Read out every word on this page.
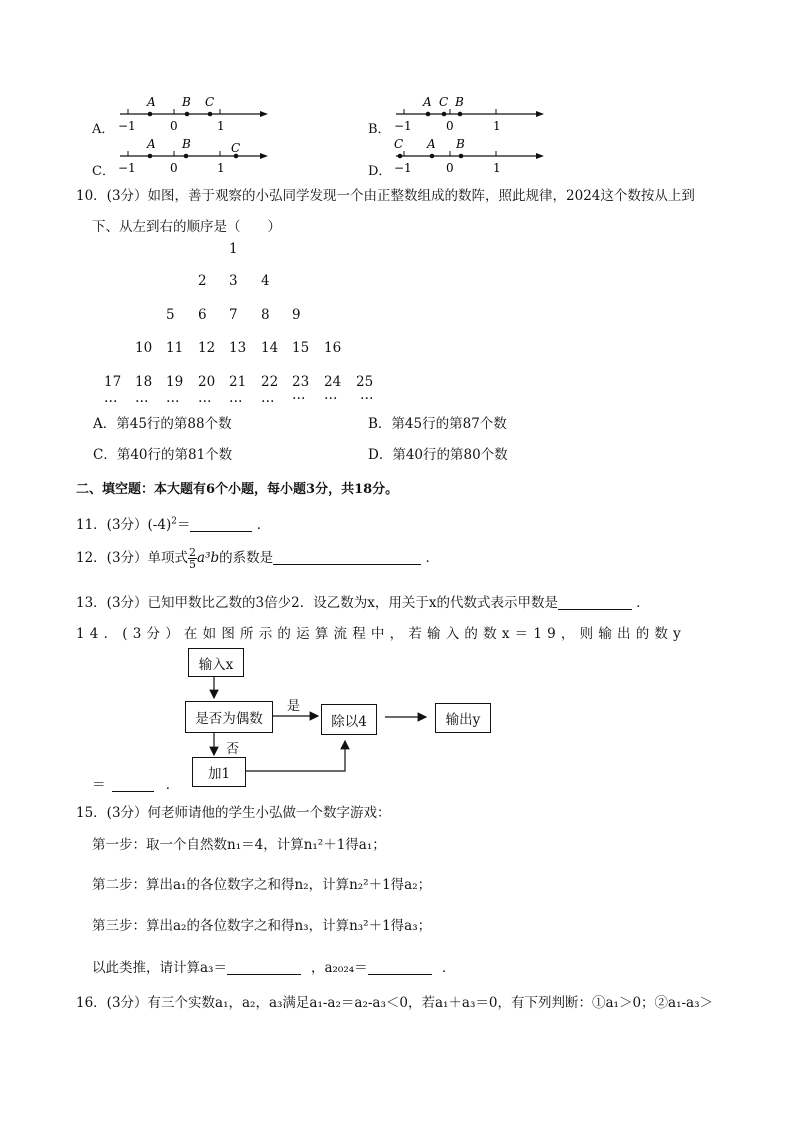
A．
A B C
−1	0	1	B．
A C B
−1	0	1
C．
A B	C
−1	0	1	D．
C A B
−1	0	1
10．(3分）如图，善于观察的小弘同学发现一个由正整数组成的数阵，照此规律，2024这个数按从上到
下、从左到右的顺序是（　　）
1
2 3 4
5 6 7 8 9
10 11 12 13 14 15 16
17 18 19 20 21 22 23 24 25
… … … … … … … … …
A．第45行的第88个数	B．第45行的第87个数
C．第40行的第81个数	D．第40行的第80个数
二、填空题：本大题有6个小题，每小题3分，共18分。
11．(3分）$(-4)^2=$	．
12．(3分）单项式 $\frac{2}{5} a^3b$的系数是	．
13．(3分）已知甲数比乙数的3倍少2．设乙数为x，用关于x的代数式表示甲数是	．
14．(3分）在如图所示的运算流程中，若输入的数x＝19，则输出的数y
输入x
是否为偶数
是
否
除以4	输出y
加1
＝	．
15．(3分）何老师请他的学生小弘做一个数字游戏：
第一步：取一个自然数n₁＝4，计算n₁²＋1得a₁；
第二步：算出a₁的各位数字之和得n₂，计算n₂²＋1得a₂；
第三步：算出a₂的各位数字之和得n₃，计算n₃²＋1得a₃；
以此类推，请计算a₃＝	，a₂₀₂₄＝	．
16．(3分）有三个实数a₁，a₂，a₃满足a₁-a₂＝a₂-a₃＜0，若a₁＋a₃＝0，有下列判断：①a₁＞0；②a₁-a₃＞
